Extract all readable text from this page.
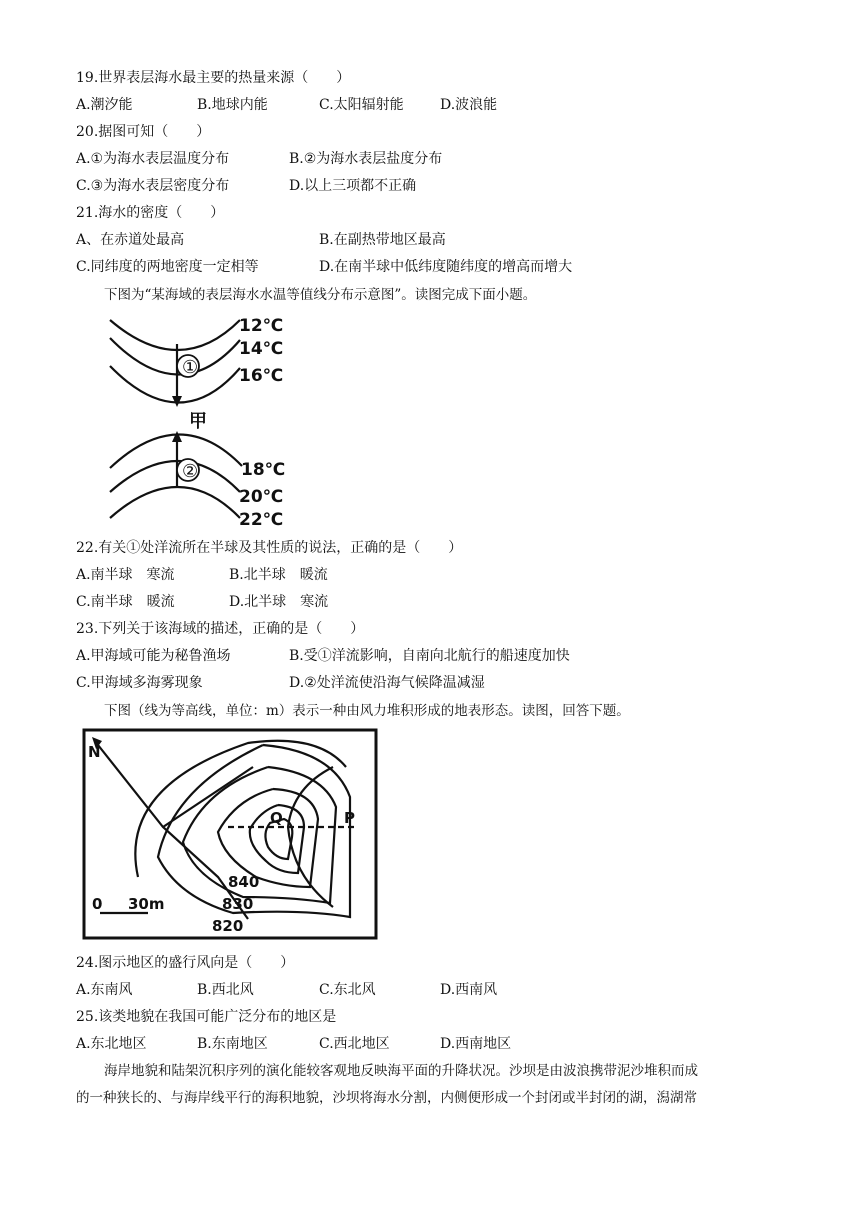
19.世界表层海水最主要的热量来源（　　）
A.潮汐能	B.地球内能	C.太阳辐射能	D.波浪能
20.据图可知（　　）
A.①为海水表层温度分布	B.②为海水表层盐度分布
C.③为海水表层密度分布	D.以上三项都不正确
21.海水的密度（　　）
A、在赤道处最高	B.在副热带地区最高
C.同纬度的两地密度一定相等	D.在南半球中低纬度随纬度的增高而增大
下图为“某海域的表层海水水温等值线分布示意图”。读图完成下面小题。
①
②
甲
12℃
14℃
16℃
18℃
20℃
22℃
22.有关①处洋流所在半球及其性质的说法，正确的是（　　）
A.南半球　寒流	B.北半球　暖流
C.南半球　暖流	D.北半球　寒流
23.下列关于该海域的描述，正确的是（　　）
A.甲海域可能为秘鲁渔场	B.受①洋流影响，自南向北航行的船速度加快
C.甲海域多海雾现象	D.②处洋流使沿海气候降温减湿
下图（线为等高线，单位：m）表示一种由风力堆积形成的地表形态。读图，回答下题。
N
Q	P
840
830
820
0 30m
24.图示地区的盛行风向是（　　）
A.东南风	B.西北风	C.东北风	D.西南风
25.该类地貌在我国可能广泛分布的地区是
A.东北地区	B.东南地区	C.西北地区	D.西南地区
海岸地貌和陆架沉积序列的演化能较客观地反映海平面的升降状况。沙坝是由波浪携带泥沙堆积而成
的一种狭长的、与海岸线平行的海积地貌，沙坝将海水分割，内侧便形成一个封闭或半封闭的湖，潟湖常
